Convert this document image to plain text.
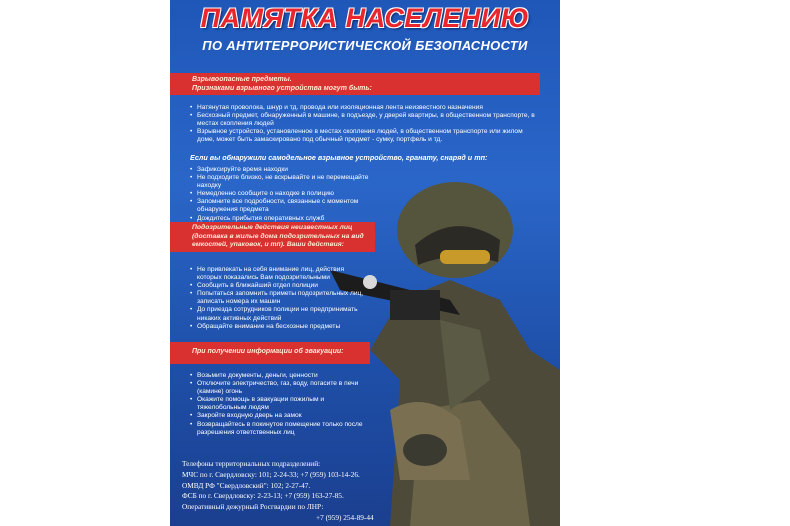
ПАМЯТКА НАСЕЛЕНИЮ
ПО АНТИТЕРРОРИСТИЧЕСКОЙ БЕЗОПАСНОСТИ
Взрывоопасные предметы.
Признаками взрывного устройства могут быть:
• Натянутая проволока, шнур и тд. провода или изоляционная лента неизвестного назначения
• Бесхозный предмет, обнаруженный в машине, в подъезде, у дверей квартиры, в общественном транспорте, в местах скопления людей
• Взрывное устройство, установленное в местах скопления людей, в общественном транспорте или жилом доме, может быть замаскировано под обычный предмет - сумку, портфель и тд.
Если вы обнаружили самодельное взрывное устройство, гранату, снаряд и тп:
• Зафиксируйте время находки
• Не подходите близко, не вскрывайте и не перемещайте находку
• Немедленно сообщите о находке в полицию
• Запомните все подробности, связанные с моментом обнаружения предмета
• Дождитесь прибытия оперативных служб
Подозрительные действия неизвестных лиц (доставка в жилые дома подозрительных на вид емкостей, упаковок, и тп). Ваши действия:
• Не привлекать на себя внимание лиц, действия которых показались Вам подозрительными
• Сообщить в ближайший отдел полиции
• Попытаться запомнить приметы подозрительных лиц, записать номера их машин
• До приезда сотрудников полиции не предпринимать никаких активных действий
• Обращайте внимание на бесхозные предметы
При получении информации об эвакуации:
• Возьмите документы, деньги, ценности
• Отключите электричество, газ, воду, погасите в печи (камине) огонь
• Окажите помощь в эвакуации пожилым и тяжелобольным людям
• Закройте входную дверь на замок
• Возвращайтесь в покинутое помещение только после разрешения ответственных лиц
Телефоны территориальных подразделений:
МЧС по г. Свердловску: 101; 2-24-33; +7 (959) 103-14-26.
ОМВД РФ "Свердловский": 102; 2-27-47.
ФСБ по г. Свердловску: 2-23-13; +7 (959) 163-27-85.
Оперативный дежурный Росгвардии по ЛНР:
+7 (959) 254-89-44
